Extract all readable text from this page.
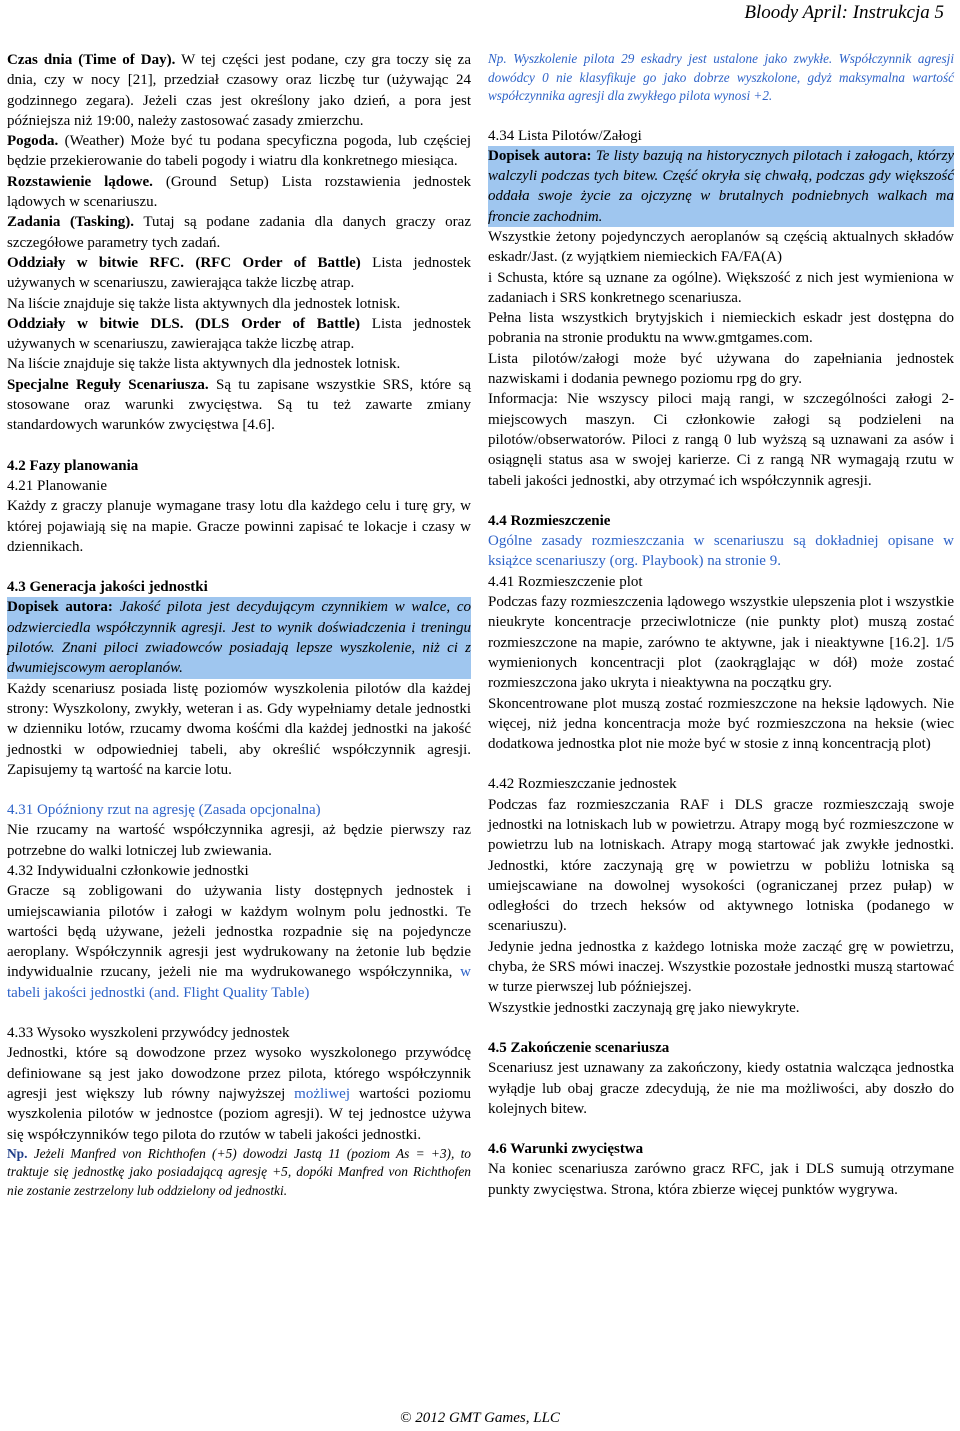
Bloody April: Instrukcja 5

Czas dnia (Time of Day). W tej części jest podane, czy gra toczy się za dnia, czy w nocy [21], przedział czasowy oraz liczbę tur (używając 24 godzinnego zegara). Jeżeli czas jest określony jako dzień, a pora jest późniejsza niż 19:00, należy zastosować zasady zmierzchu.

Pogoda. (Weather) Może być tu podana specyficzna pogoda, lub częściej będzie przekierowanie do tabeli pogody i wiatru dla konkretnego miesiąca.

Rozstawienie lądowe. (Ground Setup) Lista rozstawienia jednostek lądowych w scenariuszu.

Zadania (Tasking). Tutaj są podane zadania dla danych graczy oraz szczegółowe parametry tych zadań.

Oddziały w bitwie RFC. (RFC Order of Battle) Lista jednostek używanych w scenariuszu, zawierająca także liczbę atrap.

Na liście znajduje się także lista aktywnych dla jednostek lotnisk.

Oddziały w bitwie DLS. (DLS Order of Battle) Lista jednostek używanych w scenariuszu, zawierająca także liczbę atrap.

Na liście znajduje się także lista aktywnych dla jednostek lotnisk.

Specjalne Reguły Scenariusza. Są tu zapisane wszystkie SRS, które są stosowane oraz warunki zwycięstwa. Są tu też zawarte zmiany standardowych warunków zwycięstwa [4.6].

4.2 Fazy planowania

4.21 Planowanie

Każdy z graczy planuje wymagane trasy lotu dla każdego celu i turę gry, w której pojawiają się na mapie. Gracze powinni zapisać te lokacje i czasy w dziennikach.

4.3 Generacja jakości jednostki

Dopisek autora: Jakość pilota jest decydującym czynnikiem w walce, co odzwierciedla współczynnik agresji. Jest to wynik doświadczenia i treningu pilotów. Znani piloci zwiadowców posiadają lepsze wyszkolenie, niż ci z dwumiejscowym aeroplanów.

Każdy scenariusz posiada listę poziomów wyszkolenia pilotów dla każdej strony: Wyszkolony, zwykły, weteran i as. Gdy wypełniamy detale jednostki w dzienniku lotów, rzucamy dwoma kośćmi dla każdej jednostki na jakość jednostki w odpowiedniej tabeli, aby określić współczynnik agresji. Zapisujemy tą wartość na karcie lotu.

4.31 Opóźniony rzut na agresję (Zasada opcjonalna)

Nie rzucamy na wartość współczynnika agresji, aż będzie pierwszy raz potrzebne do walki lotniczej lub zwiewania.

4.32 Indywidualni członkowie jednostki

Gracze są zobligowani do używania listy dostępnych jednostek i umiejscawiania pilotów i załogi w każdym wolnym polu jednostki. Te wartości będą używane, jeżeli jednostka rozpadnie się na pojedyncze aeroplany. Współczynnik agresji jest wydrukowany na żetonie lub będzie indywidualnie rzucany, jeżeli nie ma wydrukowanego współczynnika, w tabeli jakości jednostki (and. Flight Quality Table)

4.33 Wysoko wyszkoleni przywódcy jednostek

Jednostki, które są dowodzone przez wysoko wyszkolonego przywódcę definiowane są jest jako dowodzone przez pilota, którego współczynnik agresji jest większy lub równy najwyższej możliwej wartości poziomu wyszkolenia pilotów w jednostce (poziom agresji). W tej jednostce używa się współczynników tego pilota do rzutów w tabeli jakości jednostki.

Np. Jeżeli Manfred von Richthofen (+5) dowodzi Jastą 11 (poziom As = +3), to traktuje się jednostkę jako posiadającą agresję +5, dopóki Manfred von Richthofen nie zostanie zestrzelony lub oddzielony od jednostki.

Np. Wyszkolenie pilota 29 eskadry jest ustalone jako zwykłe. Współczynnik agresji dowódcy 0 nie klasyfikuje go jako dobrze wyszkolone, gdyż maksymalna wartość współczynnika agresji dla zwykłego pilota wynosi +2.

4.34 Lista Pilotów/Załogi

Dopisek autora: Te listy bazują na historycznych pilotach i załogach, którzy walczyli podczas tych bitew. Część okryła się chwałą, podczas gdy większość oddała swoje życie za ojczyznę w brutalnych podniebnych walkach ma froncie zachodnim.

Wszystkie żetony pojedynczych aeroplanów są częścią aktualnych składów eskadr/Jast. (z wyjątkiem niemieckich FA/FA(A)

i Schusta, które są uznane za ogólne). Większość z nich jest wymieniona w zadaniach i SRS konkretnego scenariusza.

Pełna lista wszystkich brytyjskich i niemieckich eskadr jest dostępna do pobrania na stronie produktu na www.gmtgames.com.

Lista pilotów/załogi może być używana do zapełniania jednostek nazwiskami i dodania pewnego poziomu rpg do gry.

Informacja: Nie wszyscy piloci mają rangi, w szczególności załogi 2-miejscowych maszyn. Ci członkowie załogi są podzieleni na pilotów/obserwatorów. Piloci z rangą 0 lub wyższą są uznawani za asów i osiągnęli status asa w swojej karierze. Ci z rangą NR wymagają rzutu w tabeli jakości jednostki, aby otrzymać ich współczynnik agresji.

4.4 Rozmieszczenie

Ogólne zasady rozmieszczania w scenariuszu są dokładniej opisane w książce scenariuszy (org. Playbook) na stronie 9.

4.41 Rozmieszczenie plot

Podczas fazy rozmieszczenia lądowego wszystkie ulepszenia plot i wszystkie nieukryte koncentracje przeciwlotnicze (nie punkty plot) muszą zostać rozmieszczone na mapie, zarówno te aktywne, jak i nieaktywne [16.2]. 1/5 wymienionych koncentracji plot (zaokrąglając w dół) może zostać rozmieszczona jako ukryta i nieaktywna na początku gry.

Skoncentrowane plot muszą zostać rozmieszczone na heksie lądowych. Nie więcej, niż jedna koncentracja może być rozmieszczona na heksie (wiec dodatkowa jednostka plot nie może być w stosie z inną koncentracją plot)

4.42 Rozmieszczanie jednostek

Podczas faz rozmieszczania RAF i DLS gracze rozmieszczają swoje jednostki na lotniskach lub w powietrzu. Atrapy mogą być rozmieszczone w powietrzu lub na lotniskach. Atrapy mogą startować jak zwykłe jednostki. Jednostki, które zaczynają grę w powietrzu w pobliżu lotniska są umiejscawiane na dowolnej wysokości (ograniczanej przez pułap) w odległości do trzech heksów od aktywnego lotniska (podanego w scenariuszu).

Jedynie jedna jednostka z każdego lotniska może zacząć grę w powietrzu, chyba, że SRS mówi inaczej. Wszystkie pozostałe jednostki muszą startować w turze pierwszej lub późniejszej.

Wszystkie jednostki zaczynają grę jako niewykryte.

4.5 Zakończenie scenariusza

Scenariusz jest uznawany za zakończony, kiedy ostatnia walcząca jednostka wyłądje lub obaj gracze zdecydują, że nie ma możliwości, aby doszło do kolejnych bitew.

4.6 Warunki zwycięstwa

Na koniec scenariusza zarówno gracz RFC, jak i DLS sumują otrzymane punkty zwycięstwa. Strona, która zbierze więcej punktów wygrywa.

© 2012 GMT Games, LLC
